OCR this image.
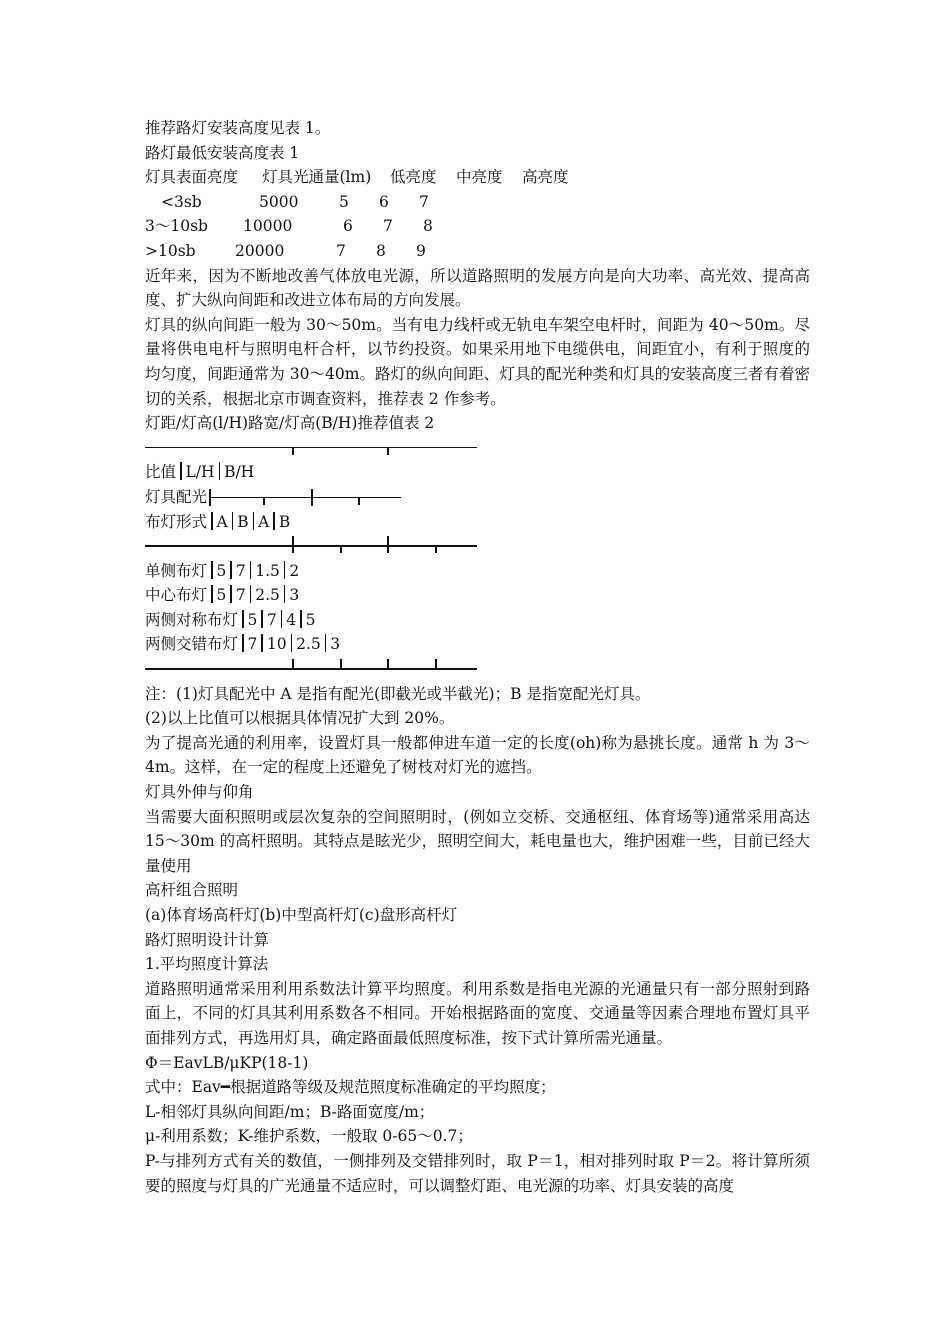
推荐路灯安装高度见表 1。
路灯最低安装高度表 1
灯具表面亮度	灯具光通量(lm)	低亮度	中亮度	高亮度
<3sb	5000	5	6	7
3～10sb	10000	6	7	8
>10sb	20000	7	8	9

近年来，因为不断地改善气体放电光源，所以道路照明的发展方向是向大功率、高光效、提高高度、扩大纵向间距和改进立体布局的方向发展。

灯具的纵向间距一般为 30～50m。当有电力线杆或无轨电车架空电杆时，间距为 40～50m。尽量将供电电杆与照明电杆合杆，以节约投资。如果采用地下电缆供电，间距宜小，有利于照度的均匀度，间距通常为 30～40m。路灯的纵向间距、灯具的配光种类和灯具的安装高度三者有着密切的关系，根据北京市调查资料，推荐表 2 作参考。

灯距/灯高(l/H)路宽/灯高(B/H)推荐值表 2
比值 L/H B/H
灯具配光
布灯形式 A B A B
单侧布灯 5 7 1.5 2
中心布灯 5 7 2.5 3
两侧对称布灯 5 7 4 5
两侧交错布灯 7 10 2.5 3
注：(1)灯具配光中 A 是指有配光(即截光或半截光)；B 是指宽配光灯具。
(2)以上比值可以根据具体情况扩大到 20%。

为了提高光通的利用率，设置灯具一般都伸进车道一定的长度(oh)称为悬挑长度。通常 h 为 3～4m。这样，在一定的程度上还避免了树枝对灯光的遮挡。

灯具外伸与仰角

当需要大面积照明或层次复杂的空间照明时，(例如立交桥、交通枢纽、体育场等)通常采用高达 15～30m 的高杆照明。其特点是眩光少，照明空间大，耗电量也大，维护困难一些，目前已经大量使用

高杆组合照明
(a)体育场高杆灯(b)中型高杆灯(c)盘形高杆灯
路灯照明设计计算
1.平均照度计算法

道路照明通常采用利用系数法计算平均照度。利用系数是指电光源的光通量只有一部分照射到路面上，不同的灯具其利用系数各不相同。开始根据路面的宽度、交通量等因素合理地布置灯具平面排列方式，再选用灯具，确定路面最低照度标准，按下式计算所需光通量。

Φ＝EavLB/μKP(18-1)
式中：Eav━根据道路等级及规范照度标准确定的平均照度；
L-相邻灯具纵向间距/m；B-路面宽度/m；
μ-利用系数；K-维护系数，一般取 0-65～0.7；

P-与排列方式有关的数值，一侧排列及交错排列时，取 P＝1，相对排列时取 P＝2。将计算所须要的照度与灯具的广光通量不适应时，可以调整灯距、电光源的功率、灯具安装的高度
